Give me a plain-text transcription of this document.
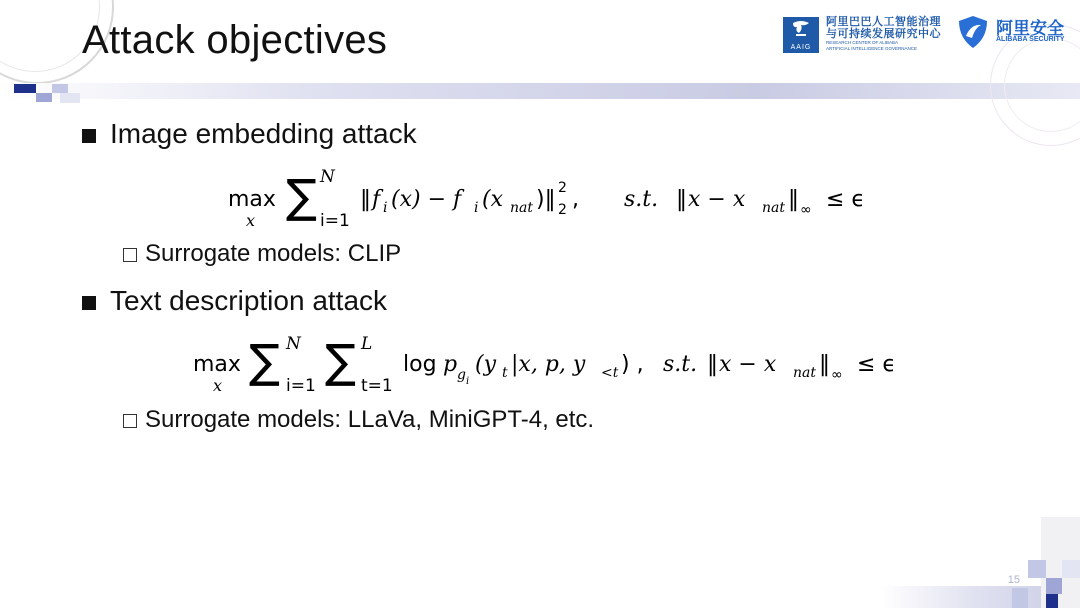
Attack objectives	AAIG
阿里巴巴人工智能治理
与可持续发展研究中心
RESEARCH CENTER OF ALIBABA
ARTIFICIAL INTELLIGENCE GOVERNANCE
阿里安全
ALIBABA SECURITY
Image embedding attack
max
x ∑ N
i=1
‖ f i (x) − f i (x nat )‖ 2
2 , s.t. ‖ x − x nat ‖ ∞ ≤ ϵ
Surrogate models: CLIP
Text description attack
max
x ∑ N
i=1 ∑ L
t=1
log p g i
(y t |x, p, y <t ) , s.t. ‖ x − x nat ‖ ∞ ≤ ϵ
Surrogate models: LLaVa, MiniGPT-4, etc.
15
